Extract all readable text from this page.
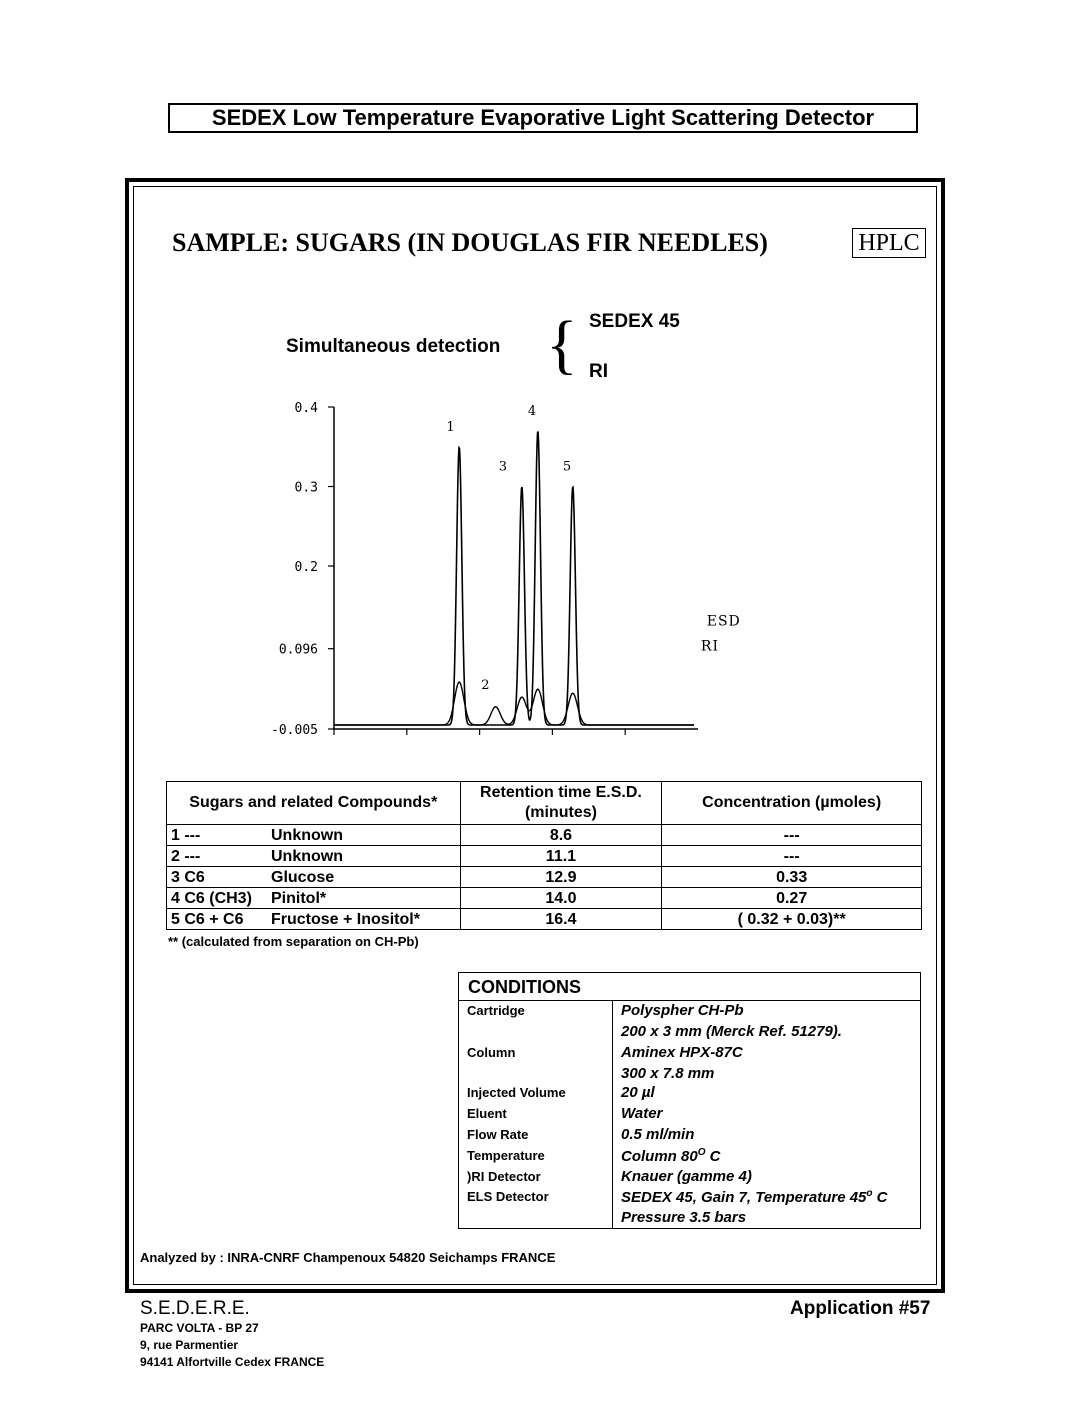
SEDEX Low Temperature Evaporative Light Scattering Detector
SAMPLE: SUGARS (IN DOUGLAS FIR NEEDLES)	HPLC
Simultaneous detection { SEDEX 45
RI
0.4
0.3
0.2
0.096
-0.005
1
2
3
4
5
ESD
RI
Sugars and related Compounds*	Retention time E.S.D. (minutes)	Concentration (µmoles)
1 --- Unknown	8.6	---
2 --- Unknown	11.1	---
3 C6 Glucose	12.9	0.33
4 C6 (CH3) Pinitol*	14.0	0.27
5 C6 + C6 Fructose + Inositol*	16.4	( 0.32 + 0.03)**
** (calculated from separation on CH-Pb)
CONDITIONS
Cartridge	Polyspher CH-Pb
200 x 3 mm (Merck Ref. 51279).
Column	Aminex HPX-87C
300 x 7.8 mm
Injected Volume	20 µl
Eluent	Water
Flow Rate	0.5 ml/min
Temperature	Column $80^O$ C
)RI Detector	Knauer (gamme 4)
ELS Detector	SEDEX 45, Gain 7, Temperature 45$^o$ C
Pressure 3.5 bars
Analyzed by : INRA-CNRF Champenoux 54820 Seichamps FRANCE
S.E.D.E.R.E.	Application #57
PARC VOLTA - BP 27
9, rue Parmentier
94141 Alfortville Cedex FRANCE
